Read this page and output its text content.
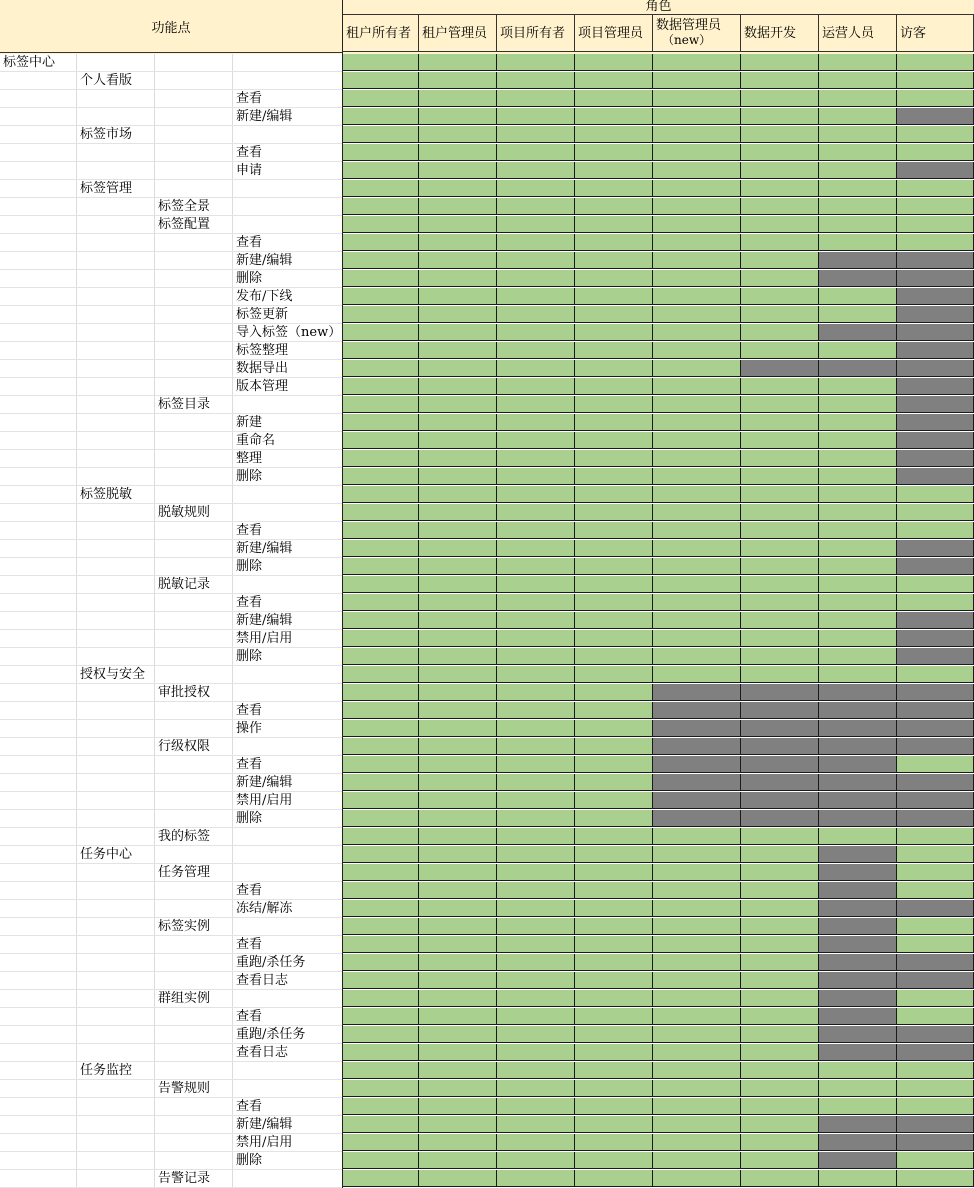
功能点
角色
租户所有者 租户管理员 项目所有者 项目管理员 数据管理员
（new）	数据开发 运营人员 访客
标签中心
个人看版
查看
新建/编辑
标签市场
查看
申请
标签管理
标签全景
标签配置
查看
新建/编辑
删除
发布/下线
标签更新
导入标签（new）
标签整理
数据导出
版本管理
标签目录
新建
重命名
整理
删除
标签脱敏
脱敏规则
查看
新建/编辑
删除
脱敏记录
查看
新建/编辑
禁用/启用
删除
授权与安全
审批授权
查看
操作
行级权限
查看
新建/编辑
禁用/启用
删除
我的标签
任务中心
任务管理
查看
冻结/解冻
标签实例
查看
重跑/杀任务
查看日志
群组实例
查看
重跑/杀任务
查看日志
任务监控
告警规则
查看
新建/编辑
禁用/启用
删除
告警记录
